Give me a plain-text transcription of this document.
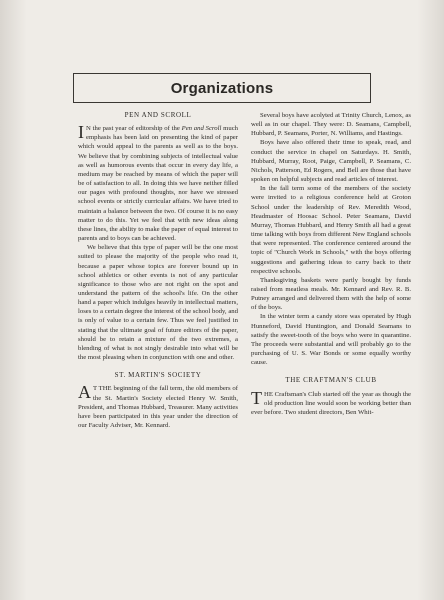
Organizations
PEN AND SCROLL

I N the past year of editorship of the Pen and Scroll much emphasis has been laid on presenting the kind of paper which would appeal to the parents as well as to the boys. We believe that by combining subjects of intellectual value as well as humorous events that occur in every day life, a medium may be reached by means of which the paper will be of satisfaction to all. In doing this we have neither filled our pages with profound thoughts, nor have we stressed school events or strictly curricular affairs. We have tried to maintain a balance between the two. Of course it is no easy matter to do this. Yet we feel that with new ideas along these lines, the ability to make the paper of equal interest to parents and to boys can be achieved.

We believe that this type of paper will be the one most suited to please the majority of the people who read it, because a paper whose topics are forever bound up in school athletics or other events is not of any particular significance to those who are not right on the spot and understand the pattern of the school's life. On the other hand a paper which indulges heavily in intellectual matters, loses to a certain degree the interest of the school body, and is only of value to a certain few. Thus we feel justified in stating that the ultimate goal of future editors of the paper, should be to retain a mixture of the two extremes, a blending of what is not singly desirable into what will be the most pleasing when in conjunction with one and other.

ST. MARTIN'S SOCIETY

A T THE beginning of the fall term, the old members of the St. Martin's Society elected Henry W. Smith, President, and Thomas Hubbard, Treasurer. Many activities have been participated in this year under the direction of our Faculty Adviser, Mr. Kennard.

Several boys have acolyted at Trinity Church, Lenox, as well as in our chapel. They were: D. Seamans, Campbell, Hubbard, P. Seamans, Porter, N. Williams, and Hastings.

Boys have also offered their time to speak, read, and conduct the service in chapel on Saturdays. H. Smith, Hubbard, Murray, Root, Paige, Campbell, P. Seamans, C. Nichols, Patterson, Ed Rogers, and Bell are those that have spoken on helpful subjects and read articles of interest.

In the fall term some of the members of the society were invited to a religious conference held at Groton School under the leadership of Rev. Meredith Wood, Headmaster of Hoosac School. Peter Seamans, David Murray, Thomas Hubbard, and Henry Smith all had a great time talking with boys from different New England schools that were represented. The conference centered around the topic of "Church Work in Schools," with the boys offering suggestions and gathering ideas to carry back to their respective schools.

Thanksgiving baskets were partly bought by funds raised from meatless meals. Mr. Kennard and Rev. R. B. Putney arranged and delivered them with the help of some of the boys.

In the winter term a candy store was operated by Hugh Hunneford, David Huntington, and Donald Seamans to satisfy the sweet-tooth of the boys who were in quarantine. The proceeds were substantial and will probably go to the purchasing of U. S. War Bonds or some equally worthy cause.

THE CRAFTMAN'S CLUB

THE Craftsman's Club started off the year as though the old production line would soon be working better than ever before. Two student directors, Ben Whit-
